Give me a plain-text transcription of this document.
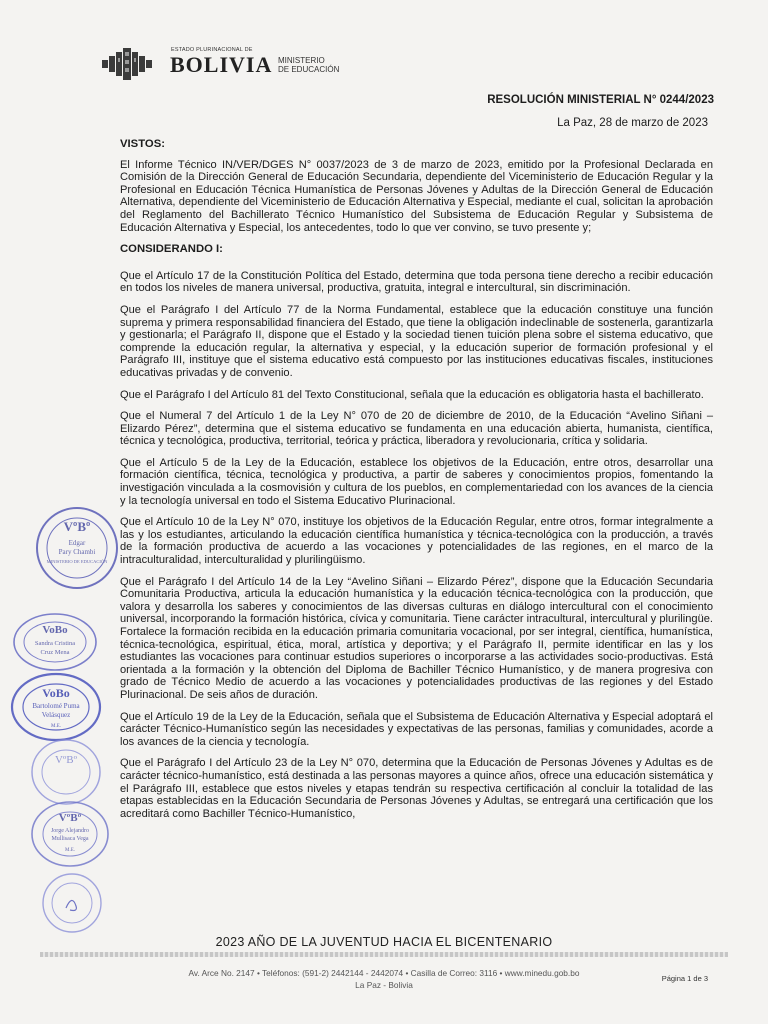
ESTADO PLURINACIONAL DE
BOLIVIA MINISTERIO
DE EDUCACIÓN
RESOLUCIÓN MINISTERIAL N° 0244/2023
La Paz, 28 de marzo de 2023
VISTOS:

El Informe Técnico IN/VER/DGES N° 0037/2023 de 3 de marzo de 2023, emitido por la Profesional Declarada en Comisión de la Dirección General de Educación Secundaria, dependiente del Viceministerio de Educación Regular y la Profesional en Educación Técnica Humanística de Personas Jóvenes y Adultas de la Dirección General de Educación Alternativa, dependiente del Viceministerio de Educación Alternativa y Especial, mediante el cual, solicitan la aprobación del Reglamento del Bachillerato Técnico Humanístico del Subsistema de Educación Regular y Subsistema de Educación Alternativa y Especial, los antecedentes, todo lo que ver convino, se tuvo presente y;

CONSIDERANDO I:

Que el Artículo 17 de la Constitución Política del Estado, determina que toda persona tiene derecho a recibir educación en todos los niveles de manera universal, productiva, gratuita, integral e intercultural, sin discriminación.

Que el Parágrafo I del Artículo 77 de la Norma Fundamental, establece que la educación constituye una función suprema y primera responsabilidad financiera del Estado, que tiene la obligación indeclinable de sostenerla, garantizarla y gestionarla; el Parágrafo II, dispone que el Estado y la sociedad tienen tuición plena sobre el sistema educativo, que comprende la educación regular, la alternativa y especial, y la educación superior de formación profesional y el Parágrafo III, instituye que el sistema educativo está compuesto por las instituciones educativas fiscales, instituciones educativas privadas y de convenio.

Que el Parágrafo I del Artículo 81 del Texto Constitucional, señala que la educación es obligatoria hasta el bachillerato.

Que el Numeral 7 del Artículo 1 de la Ley N° 070 de 20 de diciembre de 2010, de la Educación “Avelino Siñani – Elizardo Pérez”, determina que el sistema educativo se fundamenta en una educación abierta, humanista, científica, técnica y tecnológica, productiva, territorial, teórica y práctica, liberadora y revolucionaria, crítica y solidaria.

Que el Artículo 5 de la Ley de la Educación, establece los objetivos de la Educación, entre otros, desarrollar una formación científica, técnica, tecnológica y productiva, a partir de saberes y conocimientos propios, fomentando la investigación vinculada a la cosmovisión y cultura de los pueblos, en complementariedad con los avances de la ciencia y la tecnología universal en todo el Sistema Educativo Plurinacional.

Que el Artículo 10 de la Ley N° 070, instituye los objetivos de la Educación Regular, entre otros, formar integralmente a las y los estudiantes, articulando la educación científica humanística y técnica-tecnológica con la producción, a través de la formación productiva de acuerdo a las vocaciones y potencialidades de las regiones, en el marco de la intraculturalidad, interculturalidad y plurilingüismo.

Que el Parágrafo I del Artículo 14 de la Ley “Avelino Siñani – Elizardo Pérez”, dispone que la Educación Secundaria Comunitaria Productiva, articula la educación humanística y la educación técnica-tecnológica con la producción, que valora y desarrolla los saberes y conocimientos de las diversas culturas en diálogo intercultural con el conocimiento universal, incorporando la formación histórica, cívica y comunitaria. Tiene carácter intracultural, intercultural y plurilingüe. Fortalece la formación recibida en la educación primaria comunitaria vocacional, por ser integral, científica, humanística, técnica-tecnológica, espiritual, ética, moral, artística y deportiva; y el Parágrafo II, permite identificar en las y los estudiantes las vocaciones para continuar estudios superiores o incorporarse a las actividades socio-productivas. Está orientada a la formación y la obtención del Diploma de Bachiller Técnico Humanístico, y de manera progresiva con grado de Técnico Medio de acuerdo a las vocaciones y potencialidades productivas de las regiones y del Estado Plurinacional. De seis años de duración.

Que el Artículo 19 de la Ley de la Educación, señala que el Subsistema de Educación Alternativa y Especial adoptará el carácter Técnico-Humanístico según las necesidades y expectativas de las personas, familias y comunidades, acorde a los avances de la ciencia y tecnología.

Que el Parágrafo I del Artículo 23 de la Ley N° 070, determina que la Educación de Personas Jóvenes y Adultas es de carácter técnico-humanístico, está destinada a las personas mayores a quince años, ofrece una educación sistemática y el Parágrafo III, establece que estos niveles y etapas tendrán su respectiva certificación al concluir la totalidad de las etapas establecidas en la Educación Secundaria de Personas Jóvenes y Adultas, se entregará una certificación que los acreditará como Bachiller Técnico-Humanístico,

VºBº
Edgar
Pary Chambi
MINISTERIO DE EDUCACIÓN
VoBo
Sandra Cristina
Cruz Mena
VoBo
Bartolomé Puma
Velásquez
M.E.
VºBº
VºBº
Jorge Alejandro
Mullisaca Vega
M.E.
2023 AÑO DE LA JUVENTUD HACIA EL BICENTENARIO
Av. Arce No. 2147 • Teléfonos: (591-2) 2442144 - 2442074 • Casilla de Correo: 3116 • www.minedu.gob.bo
La Paz - Bolivia
Página 1 de 3
